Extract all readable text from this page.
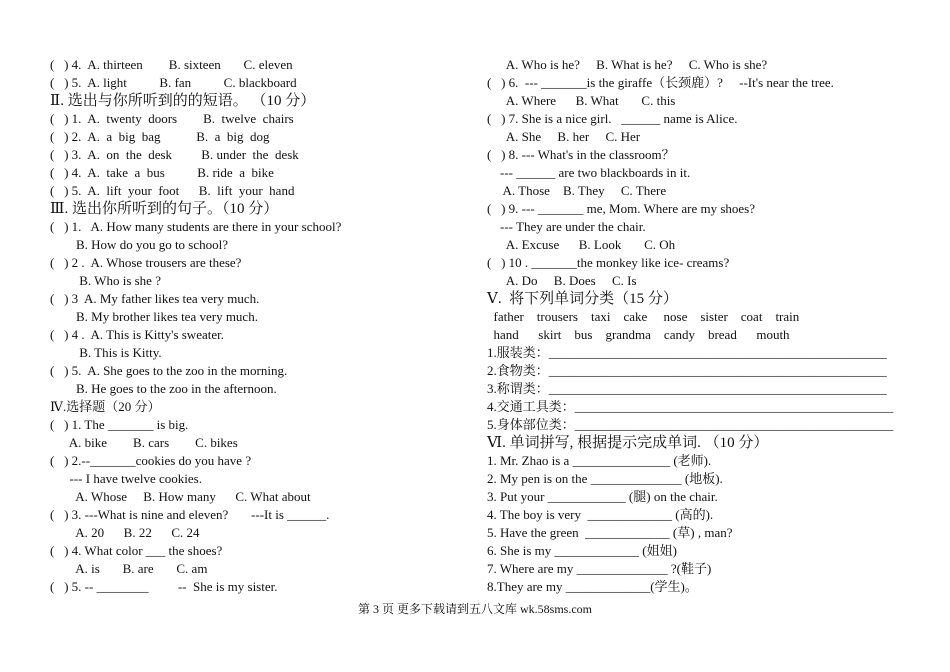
(   ) 4.  A. thirteen        B. sixteen       C. eleven
(   ) 5.  A. light          B. fan          C. blackboard
Ⅱ. 选出与你所听到的的短语。 （10 分）
(   ) 1.  A.  twenty  doors        B.  twelve  chairs
(   ) 2.  A.  a  big  bag           B.  a  big  dog
(   ) 3.  A.  on  the  desk         B. under  the  desk
(   ) 4.  A.  take  a  bus          B. ride  a  bike
(   ) 5.  A.  lift  your  foot      B.  lift  your  hand
Ⅲ. 选出你所听到的句子。（10 分）
(   ) 1.   A. How many students are there in your school?
B. How do you go to school?
(   ) 2 .  A. Whose trousers are these?
B. Who is she ?
(   ) 3  A. My father likes tea very much.
B. My brother likes tea very much.
(   ) 4 .  A. This is Kitty's sweater.
B. This is Kitty.
(   ) 5.  A. She goes to the zoo in the morning.
B. He goes to the zoo in the afternoon.
Ⅳ.选择题（20 分）
(   ) 1. The _______ is big.
A. bike        B. cars        C. bikes
(   ) 2.--_______cookies do you have ?
--- I have twelve cookies.
A. Whose     B. How many      C. What about
(   ) 3. ---What is nine and eleven?       ---It is ______.
A. 20      B. 22      C. 24
(   ) 4. What color ___ the shoes?
A. is       B. are       C. am
(   ) 5. -- ________         --  She is my sister.
A. Who is he?     B. What is he?     C. Who is she?
(   ) 6.  --- _______is the giraffe（长颈鹿）?     --It's near the tree.
A. Where      B. What       C. this
(   ) 7. She is a nice girl.   ______ name is Alice.
A. She     B. her     C. Her
(   ) 8. --- What's in the classroom？
--- ______ are two blackboards in it.
A. Those    B. They     C. There
(   ) 9. --- _______ me, Mom. Where are my shoes?
--- They are under the chair.
A. Excuse      B. Look       C. Oh
(   ) 10 . _______the monkey like ice- creams?
A. Do     B. Does     C. Is
Ⅴ.  将下列单词分类（15 分）
father    trousers    taxi    cake     nose    sister    coat    train
hand      skirt    bus    grandma    candy    bread      mouth
1.服装类：____________________________________________________
2.食物类：____________________________________________________
3.称谓类：____________________________________________________
4.交通工具类：_________________________________________________
5.身体部位类：_________________________________________________
Ⅵ. 单词拼写, 根据提示完成单词. （10 分）
1. Mr. Zhao is a _______________ (老师).
2. My pen is on the ______________ (地板).
3. Put your ____________ (腿) on the chair.
4. The boy is very  _____________ (高的).
5. Have the green  _____________ (草) , man?
6. She is my _____________ (姐姐)
7. Where are my ______________ ?(鞋子)
8.They are my _____________(学生)。
第 3 页 更多下载请到五八文库 wk.58sms.com
